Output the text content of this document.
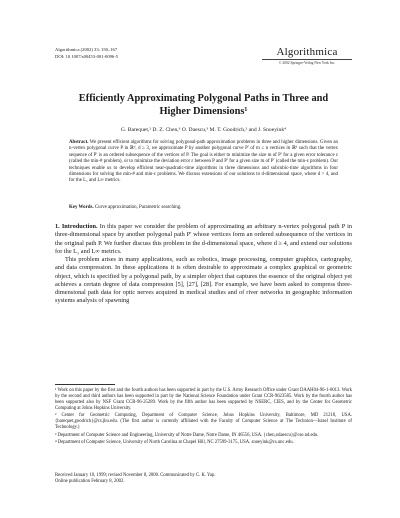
Algorithmica (2002) 33: 150–167
DOI: 10.1007/s00453-001-0096-5	Algorithmica
© 2002 Springer-Verlag New York Inc.
Efficiently Approximating Polygonal Paths in Three and
Higher Dimensions¹
G. Barequet,² D. Z. Chen,³ O. Daescu,³ M. T. Goodrich,² and J. Snoeyink⁴
Abstract. We present efficient algorithms for solving polygonal-path approximation problems in three and higher dimensions. Given an n-vertex polygonal curve P in ℝᵈ, d ≥ 3, we approximate P by another polygonal curve P′ of m ≤ n vertices in ℝᵈ such that the vertex sequence of P′ is an ordered subsequence of the vertices of P. The goal is either to minimize the size m of P′ for a given error tolerance ε (called the min-# problem), or to minimize the deviation error ε between P and P′ for a given size m of P′ (called the min-ε problem). Our techniques enable us to develop efficient near-quadratic-time algorithms in three dimensions and subcubic-time algorithms in four dimensions for solving the min-# and min-ε problems. We discuss extensions of our solutions to d-dimensional space, where d > 4, and for the L₁ and L∞ metrics.
Key Words. Curve approximation, Parametric searching.

1. Introduction. In this paper we consider the problem of approximating an arbitrary n-vertex polygonal path P in three-dimensional space by another polygonal path P′ whose vertices form an ordered subsequence of the vertices in the original path P. We further discuss this problem in the d-dimensional space, where d ≥ 4, and extend our solutions for the L₁ and L∞ metrics.

This problem arises in many applications, such as robotics, image processing, computer graphics, cartography, and data compression. In these applications it is often desirable to approximate a complex graphical or geometric object, which is specified by a polygonal path, by a simpler object that captures the essence of the original object yet achieves a certain degree of data compression [5], [27], [28]. For example, we have been asked to compress three-dimensional path data for optic nerves acquired in medical studies and of river networks in geographic information systems analysis of spawning

¹ Work on this paper by the first and the fourth authors has been supported in part by the U.S. Army Research Office under Grant DAAH04-96-1-0013. Work by the second and third authors has been supported in part by the National Science Foundation under Grant CCR-9623585. Work by the fourth author has been supported also by NSF Grant CCR-96-25289. Work by the fifth author has been supported by NSERC, CIES, and by the Center for Geometric Computing at Johns Hopkins University.

² Center for Geometric Computing, Department of Computer Science, Johns Hopkins University, Baltimore, MD 21218, USA. {barequet,goodrich}@cs.jhu.edu. (The first author is currently affiliated with the Faculty of Computer Science at The Technion—Israel Institute of Technology.)

³ Department of Computer Science and Engineering, University of Notre Dame, Notre Dame, IN 46556, USA. {chen,odaescu}@cse.nd.edu.

⁴ Department of Computer Science, University of North Carolina at Chapel Hill, NC 27599-3175, USA. snoeyink@cs.unc.edu.

Received January 10, 1999; revised November 8, 2000. Communicated by C. K. Yap.
Online publication February 8, 2002.
